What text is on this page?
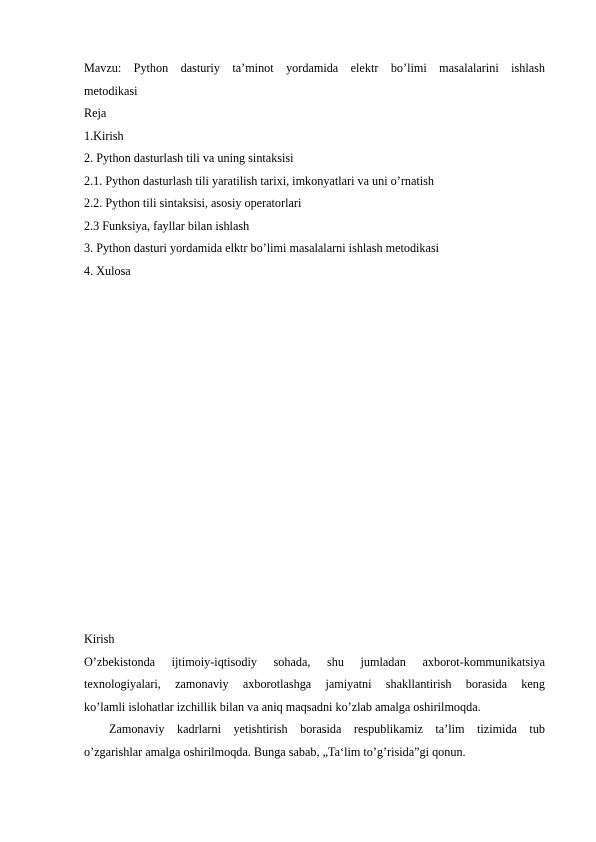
Mavzu: Python dasturiy ta’minot yordamida elektr bo’limi masalalarini ishlash
metodikasi
Reja
1.Kirish
2. Python dasturlash tili va uning sintaksisi
2.1. Python dasturlash tili yaratilish tarixi, imkonyatlari va uni o’rnatish
2.2. Python tili sintaksisi, asosiy operatorlari
2.3 Funksiya, fayllar bilan ishlash
3. Python dasturi yordamida elktr bo’limi masalalarni ishlash metodikasi
4. Xulosa
Kirish
O’zbekistonda ijtimoiy-iqtisodiy sohada, shu jumladan axborot-kommunikatsiya
texnologiyalari, zamonaviy axborotlashga jamiyatni shakllantirish borasida keng
ko’lamli islohatlar izchillik bilan va aniq maqsadni ko’zlab amalga oshirilmoqda.
Zamonaviy kadrlarni yetishtirish borasida respublikamiz ta’lim tizimida tub
o’zgarishlar amalga oshirilmoqda. Bunga sabab, „Ta‘lim to’g’risida”gi qonun.
